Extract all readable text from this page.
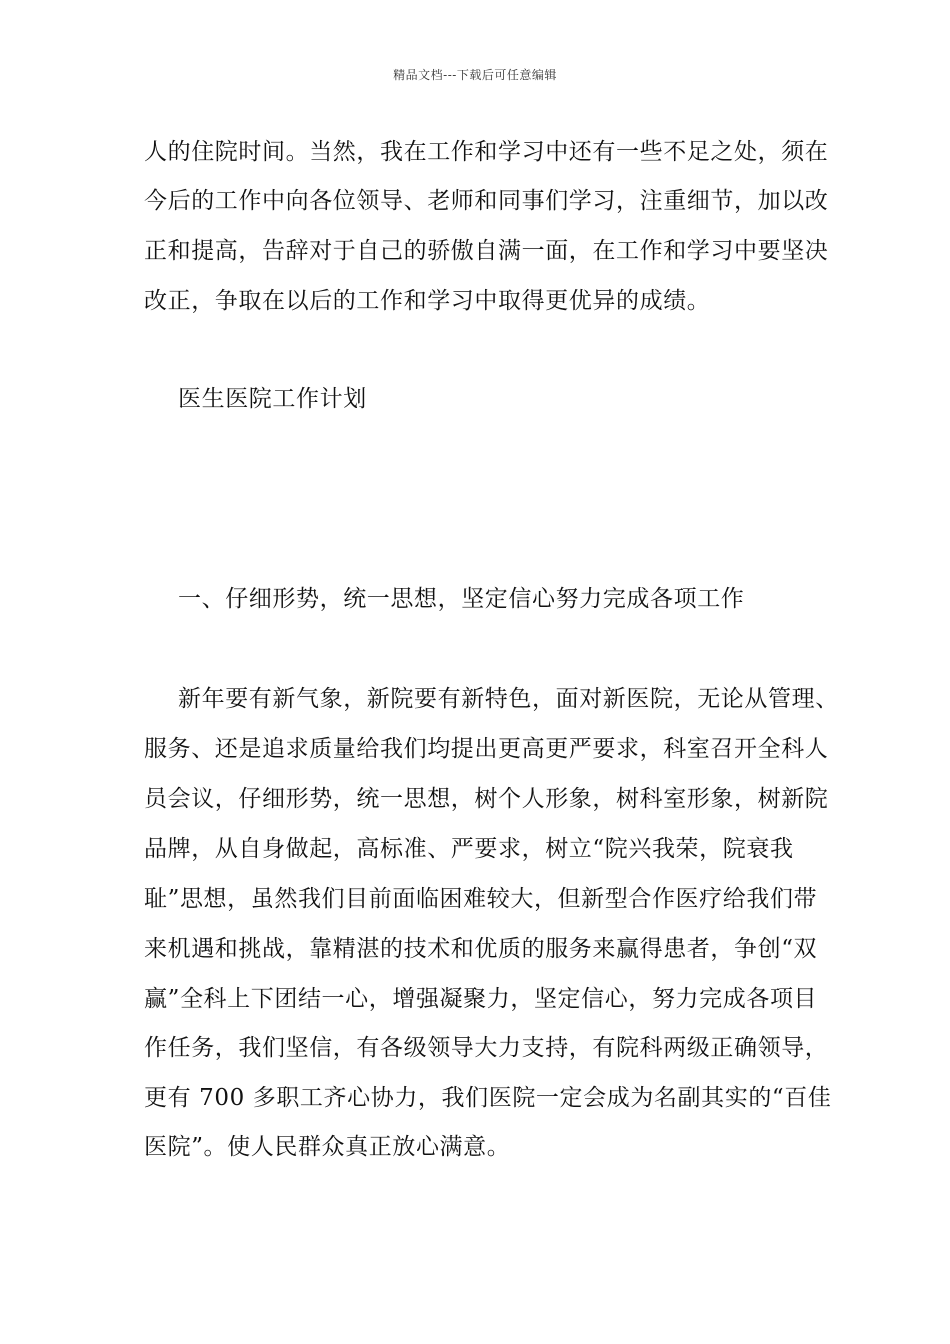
精品文档---下载后可任意编辑
人的住院时间。当然，我在工作和学习中还有一些不足之处，须在
今后的工作中向各位领导、老师和同事们学习，注重细节，加以改
正和提高，告辞对于自己的骄傲自满一面，在工作和学习中要坚决
改正，争取在以后的工作和学习中取得更优异的成绩。
医生医院工作计划
一、仔细形势，统一思想，坚定信心努力完成各项工作
新年要有新气象，新院要有新特色，面对新医院，无论从管理、
服务、还是追求质量给我们均提出更高更严要求，科室召开全科人
员会议，仔细形势，统一思想，树个人形象，树科室形象，树新院
品牌，从自身做起，高标准、严要求，树立“院兴我荣，院衰我
耻”思想，虽然我们目前面临困难较大，但新型合作医疗给我们带
来机遇和挑战，靠精湛的技术和优质的服务来赢得患者，争创“双
赢”全科上下团结一心，增强凝聚力，坚定信心，努力完成各项目
作任务，我们坚信，有各级领导大力支持，有院科两级正确领导，
更有 700 多职工齐心协力，我们医院一定会成为名副其实的“百佳
医院”。使人民群众真正放心满意。
